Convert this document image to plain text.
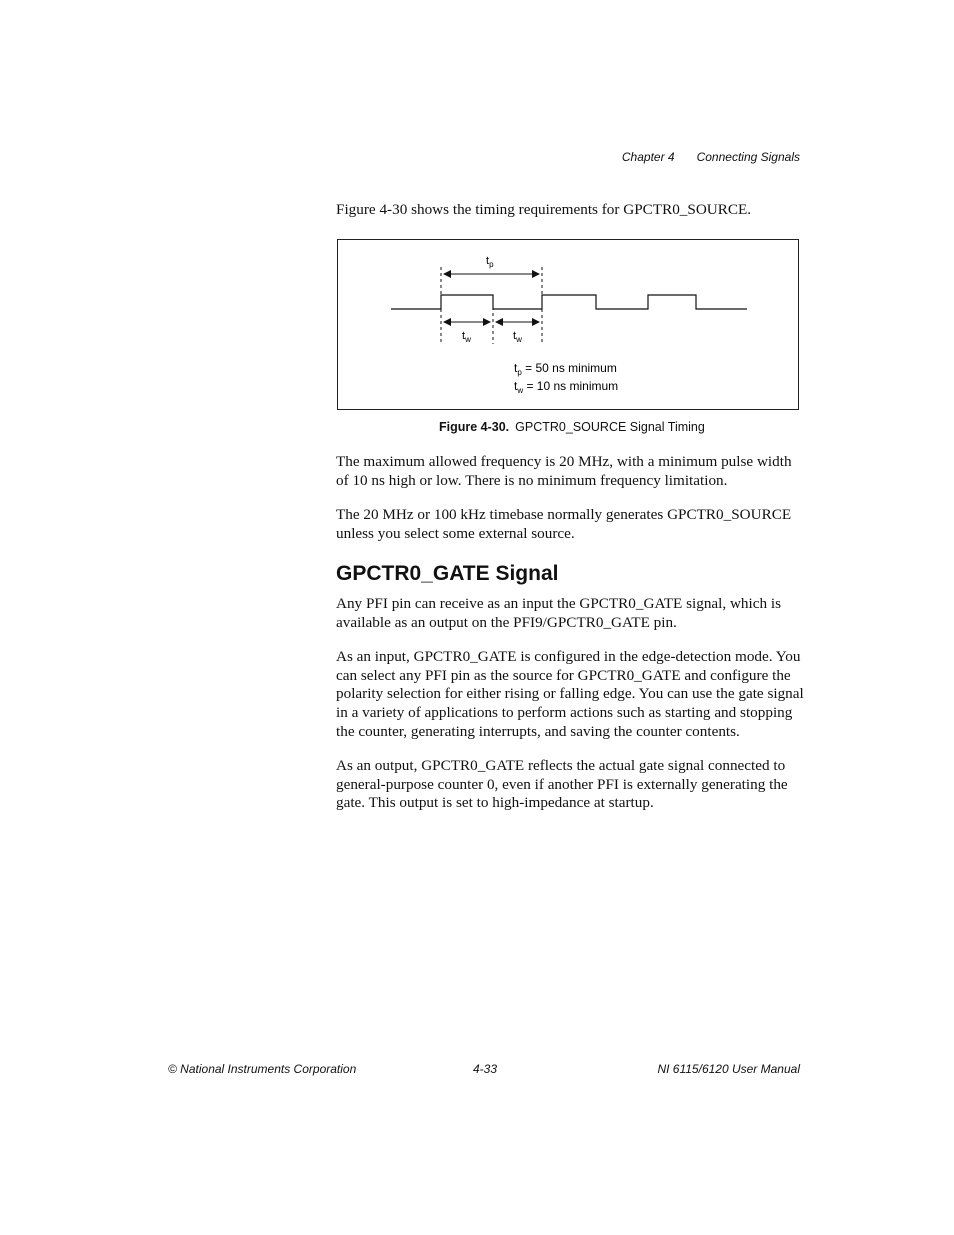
Chapter 4 Connecting Signals

Figure 4-30 shows the timing requirements for GPCTR0_SOURCE.

$t_p$
$t_w$	$t_w$
$t_p = 50$ ns minimum
$t_w = 10$ ns minimum
Figure 4-30. GPCTR0_SOURCE Signal Timing

The maximum allowed frequency is 20 MHz, with a minimum pulse width of 10 ns high or low. There is no minimum frequency limitation.

The 20 MHz or 100 kHz timebase normally generates GPCTR0_SOURCE unless you select some external source.

GPCTR0_GATE Signal

Any PFI pin can receive as an input the GPCTR0_GATE signal, which is available as an output on the PFI9/GPCTR0_GATE pin.

As an input, GPCTR0_GATE is configured in the edge-detection mode. You can select any PFI pin as the source for GPCTR0_GATE and configure the polarity selection for either rising or falling edge. You can use the gate signal in a variety of applications to perform actions such as starting and stopping the counter, generating interrupts, and saving the counter contents.

As an output, GPCTR0_GATE reflects the actual gate signal connected to general-purpose counter 0, even if another PFI is externally generating the gate. This output is set to high-impedance at startup.

© National Instruments Corporation	4-33	NI 6115/6120 User Manual
